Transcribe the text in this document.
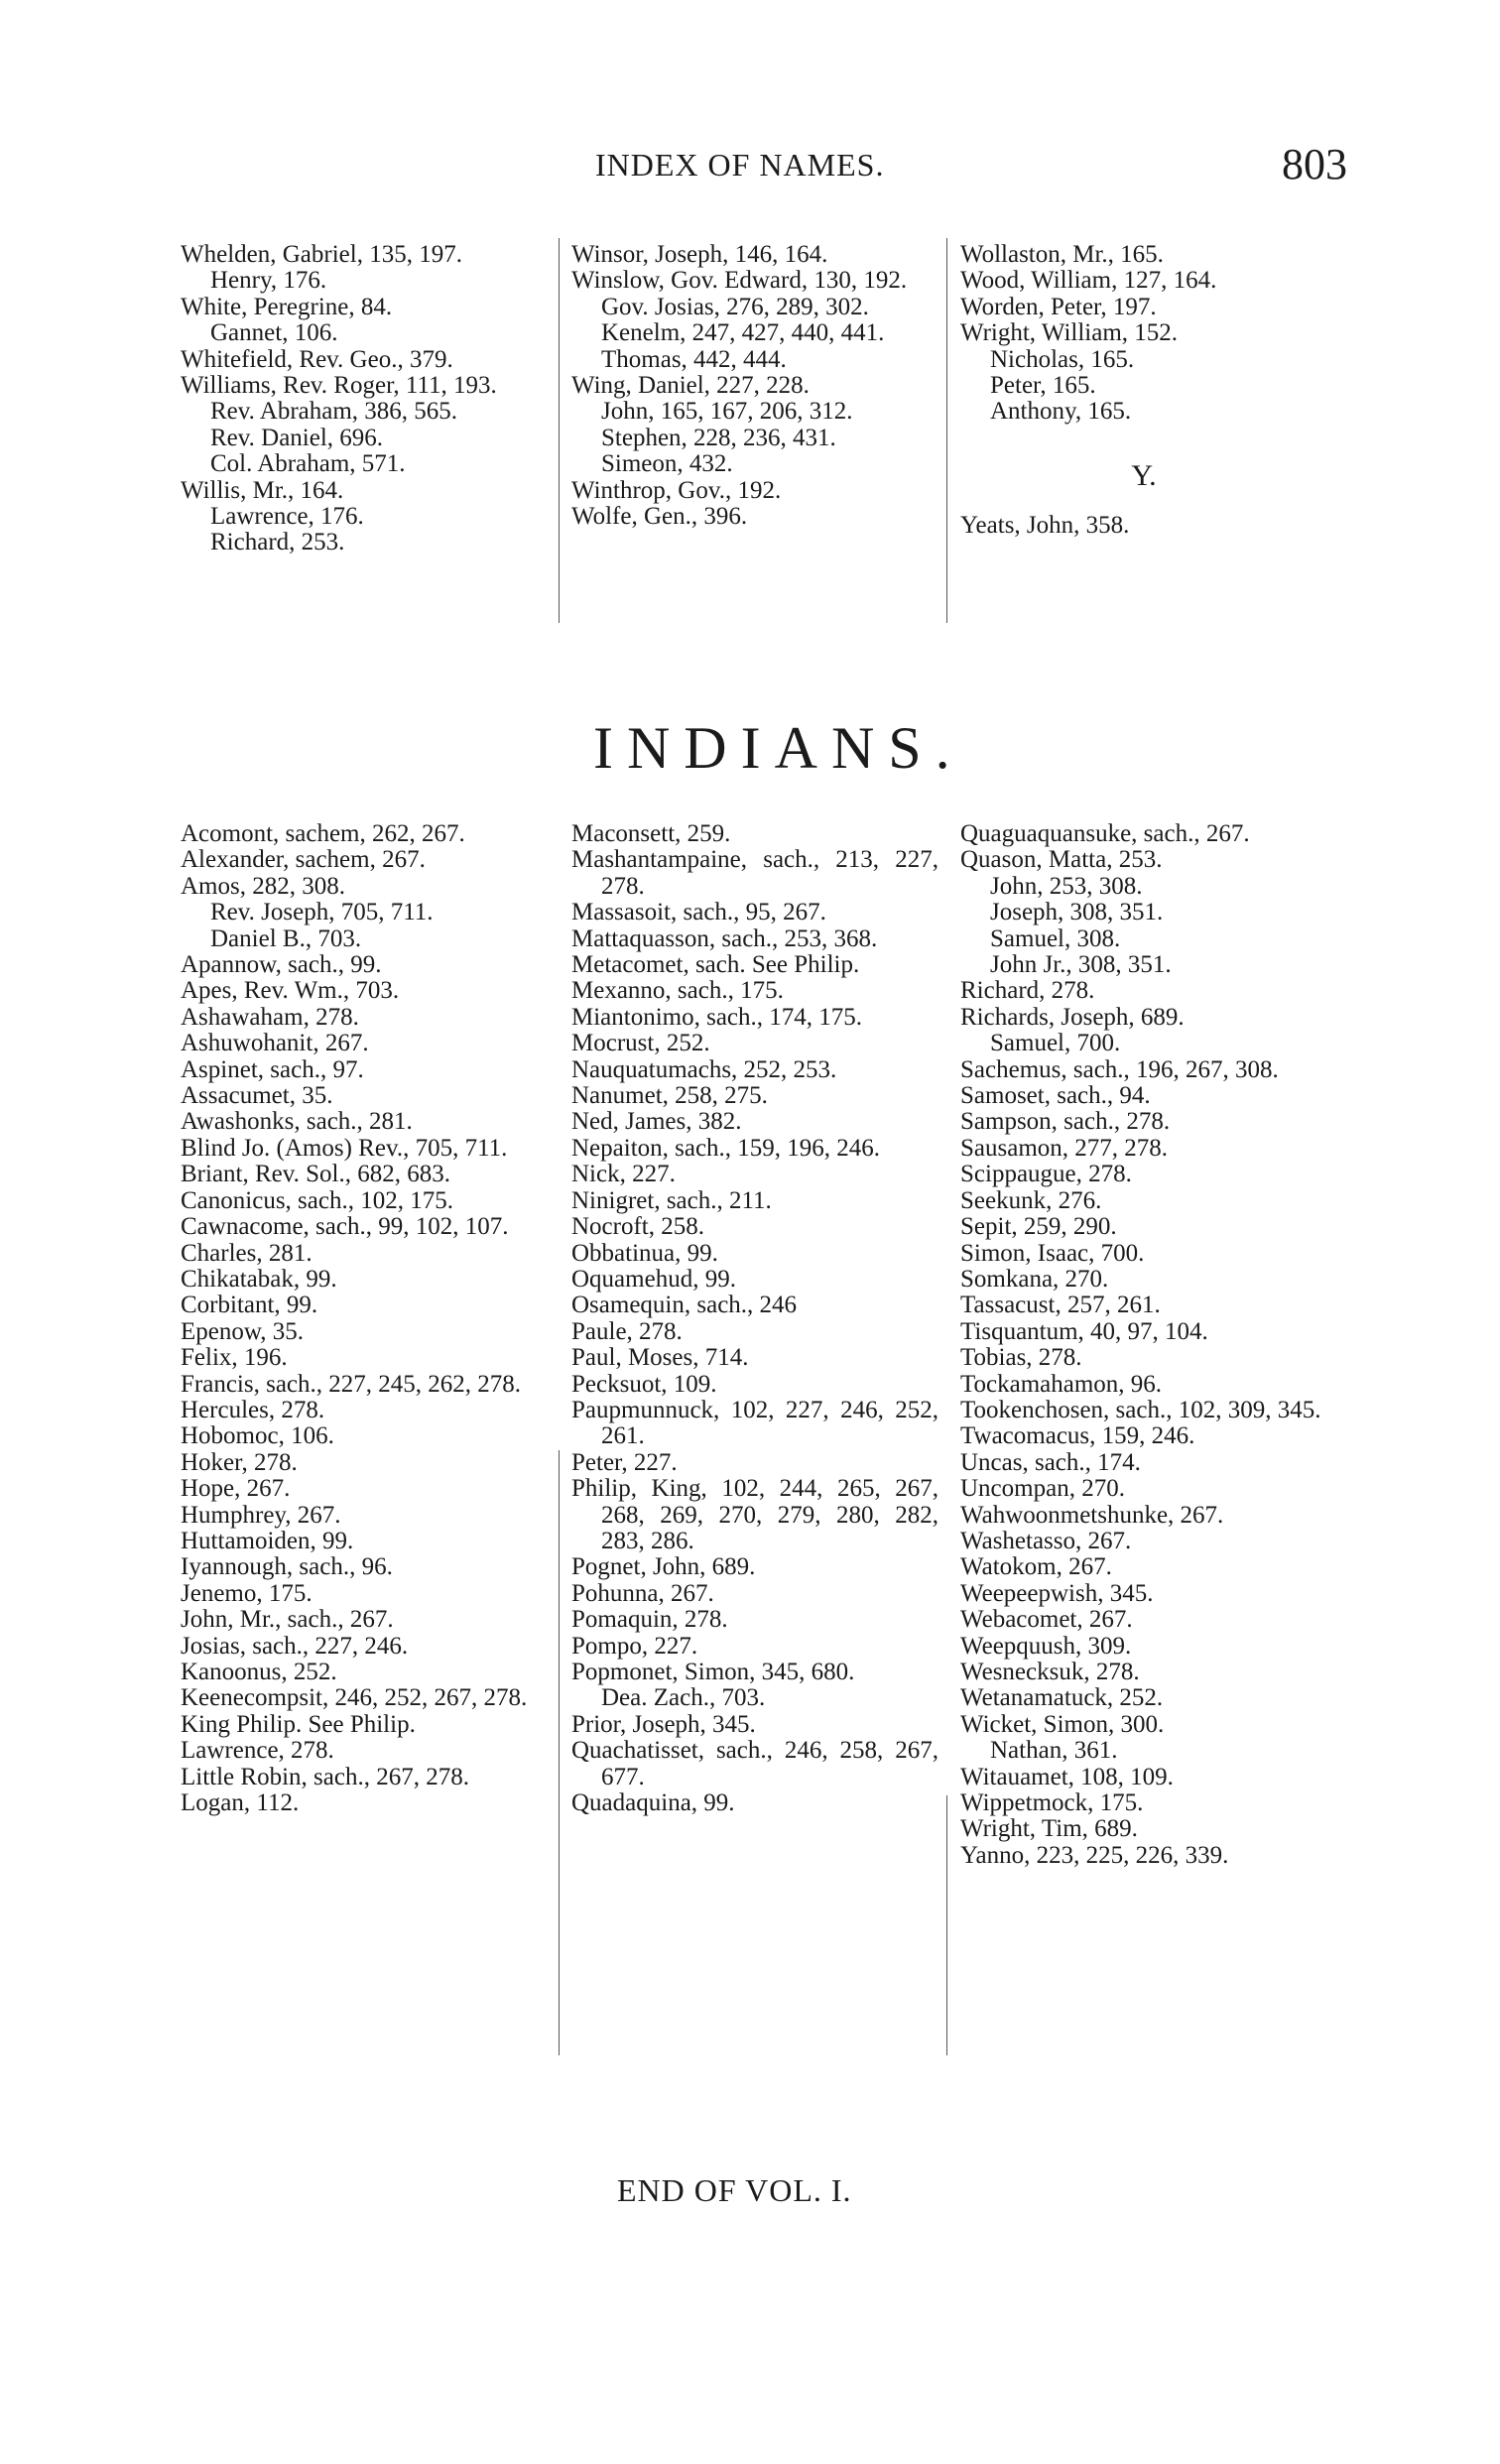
INDEX OF NAMES.	803
Whelden, Gabriel, 135, 197.
Henry, 176.
White, Peregrine, 84.
Gannet, 106.
Whitefield, Rev. Geo., 379.
Williams, Rev. Roger, 111, 193.
Rev. Abraham, 386, 565.
Rev. Daniel, 696.
Col. Abraham, 571.
Willis, Mr., 164.
Lawrence, 176.
Richard, 253.
Winsor, Joseph, 146, 164.
Winslow, Gov. Edward, 130, 192.
Gov. Josias, 276, 289, 302.
Kenelm, 247, 427, 440, 441.
Thomas, 442, 444.
Wing, Daniel, 227, 228.
John, 165, 167, 206, 312.
Stephen, 228, 236, 431.
Simeon, 432.
Winthrop, Gov., 192.
Wolfe, Gen., 396.
Wollaston, Mr., 165.
Wood, William, 127, 164.
Worden, Peter, 197.
Wright, William, 152.
Nicholas, 165.
Peter, 165.
Anthony, 165.
Y.
Yeats, John, 358.
INDIANS.
Acomont, sachem, 262, 267.
Alexander, sachem, 267.
Amos, 282, 308.
Rev. Joseph, 705, 711.
Daniel B., 703.
Apannow, sach., 99.
Apes, Rev. Wm., 703.
Ashawaham, 278.
Ashuwohanit, 267.
Aspinet, sach., 97.
Assacumet, 35.
Awashonks, sach., 281.
Blind Jo. (Amos) Rev., 705, 711.
Briant, Rev. Sol., 682, 683.
Canonicus, sach., 102, 175.
Cawnacome, sach., 99, 102, 107.
Charles, 281.
Chikatabak, 99.
Corbitant, 99.
Epenow, 35.
Felix, 196.
Francis, sach., 227, 245, 262, 278.
Hercules, 278.
Hobomoc, 106.
Hoker, 278.
Hope, 267.
Humphrey, 267.
Huttamoiden, 99.
Iyannough, sach., 96.
Jenemo, 175.
John, Mr., sach., 267.
Josias, sach., 227, 246.
Kanoonus, 252.
Keenecompsit, 246, 252, 267, 278.
King Philip. See Philip.
Lawrence, 278.
Little Robin, sach., 267, 278.
Logan, 112.
Maconsett, 259.
Mashantampaine, sach., 213, 227, 278.
Massasoit, sach., 95, 267.
Mattaquasson, sach., 253, 368.
Metacomet, sach. See Philip.
Mexanno, sach., 175.
Miantonimo, sach., 174, 175.
Mocrust, 252.
Nauquatumachs, 252, 253.
Nanumet, 258, 275.
Ned, James, 382.
Nepaiton, sach., 159, 196, 246.
Nick, 227.
Ninigret, sach., 211.
Nocroft, 258.
Obbatinua, 99.
Oquamehud, 99.
Osamequin, sach., 246
Paule, 278.
Paul, Moses, 714.
Pecksuot, 109.
Paupmunnuck, 102, 227, 246, 252, 261.
Peter, 227.
Philip, King, 102, 244, 265, 267, 268, 269, 270, 279, 280, 282, 283, 286.
Pognet, John, 689.
Pohunna, 267.
Pomaquin, 278.
Pompo, 227.
Popmonet, Simon, 345, 680.
Dea. Zach., 703.
Prior, Joseph, 345.
Quachatisset, sach., 246, 258, 267, 677.
Quadaquina, 99.
Quaguaquansuke, sach., 267.
Quason, Matta, 253.
John, 253, 308.
Joseph, 308, 351.
Samuel, 308.
John Jr., 308, 351.
Richard, 278.
Richards, Joseph, 689.
Samuel, 700.
Sachemus, sach., 196, 267, 308.
Samoset, sach., 94.
Sampson, sach., 278.
Sausamon, 277, 278.
Scippaugue, 278.
Seekunk, 276.
Sepit, 259, 290.
Simon, Isaac, 700.
Somkana, 270.
Tassacust, 257, 261.
Tisquantum, 40, 97, 104.
Tobias, 278.
Tockamahamon, 96.
Tookenchosen, sach., 102, 309, 345.
Twacomacus, 159, 246.
Uncas, sach., 174.
Uncompan, 270.
Wahwoonmetshunke, 267.
Washetasso, 267.
Watokom, 267.
Weepeepwish, 345.
Webacomet, 267.
Weepquush, 309.
Wesnecksuk, 278.
Wetanamatuck, 252.
Wicket, Simon, 300.
Nathan, 361.
Witauamet, 108, 109.
Wippetmock, 175.
Wright, Tim, 689.
Yanno, 223, 225, 226, 339.
END OF VOL. I.
